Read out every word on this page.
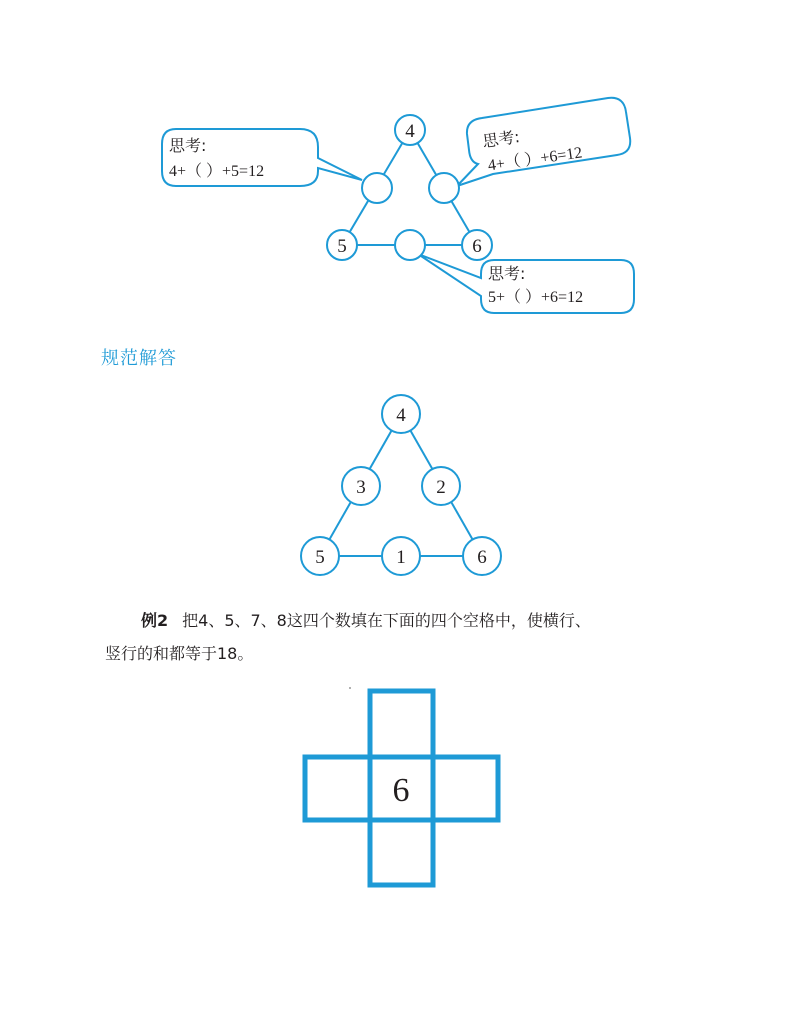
4
5	6
思考:
4+（ ）+5=12
思考:
4+（ ）+6=12
思考:
5+（ ）+6=12
规范解答
4
3	2
5	1	6
例2 把4、5、7、8这四个数填在下面的四个空格中，使横行、
竖行的和都等于18。
6
